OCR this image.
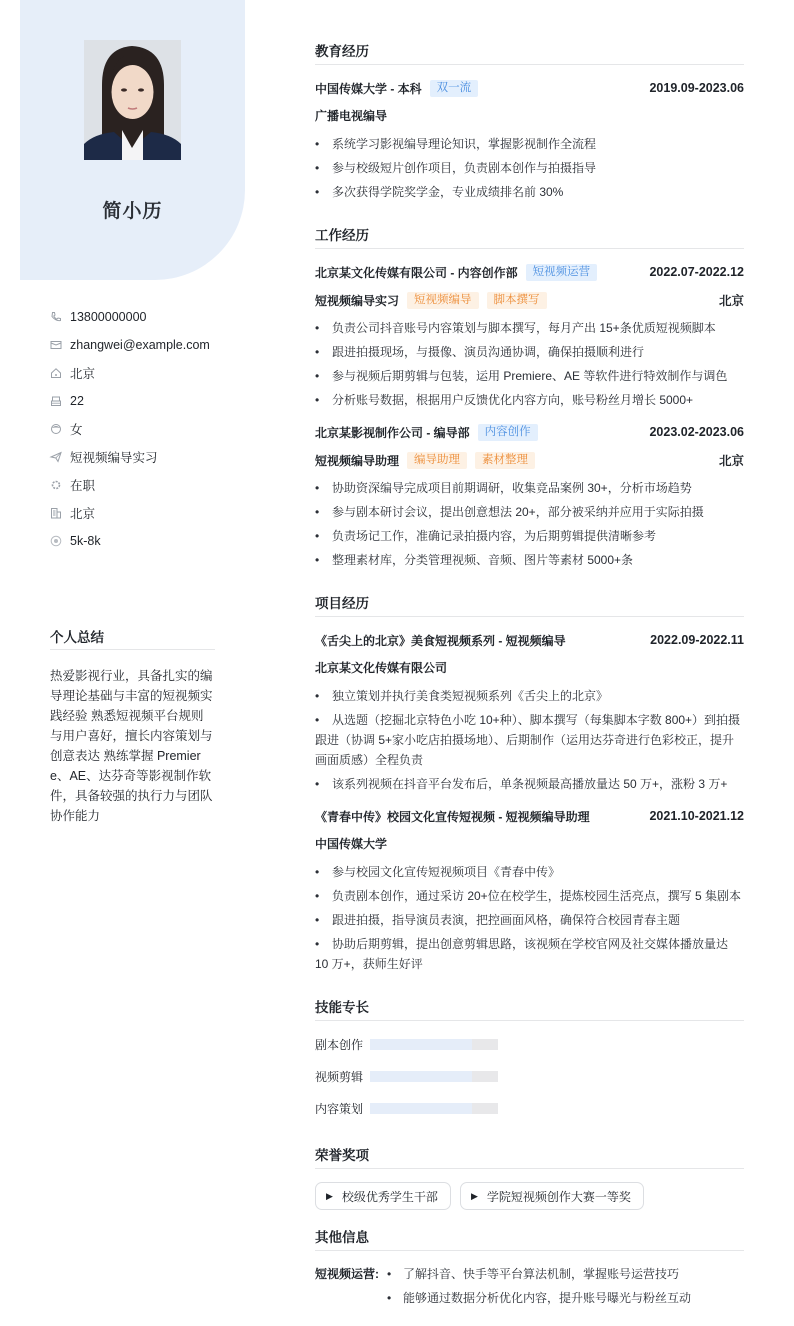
简小历
13800000000
zhangwei@example.com
北京
22
女
短视频编导实习
在职
北京
5k-8k
个人总结
热爱影视行业，具备扎实的编导理论基础与丰富的短视频实践经验 熟悉短视频平台规则与用户喜好，擅长内容策划与创意表达 熟练掌握 Premiere、AE、达芬奇等影视制作软件，具备较强的执行力与团队协作能力
教育经历
中国传媒大学 - 本科	双一流	2019.09-2023.06
广播电视编导
• 系统学习影视编导理论知识，掌握影视制作全流程
• 参与校级短片创作项目，负责剧本创作与拍摄指导
• 多次获得学院奖学金，专业成绩排名前 30%
工作经历
北京某文化传媒有限公司 - 内容创作部	短视频运营	2022.07-2022.12
短视频编导实习	短视频编导	脚本撰写	北京
• 负责公司抖音账号内容策划与脚本撰写，每月产出 15+条优质短视频脚本
• 跟进拍摄现场，与摄像、演员沟通协调，确保拍摄顺利进行
• 参与视频后期剪辑与包装，运用 Premiere、AE 等软件进行特效制作与调色
• 分析账号数据，根据用户反馈优化内容方向，账号粉丝月增长 5000+
北京某影视制作公司 - 编导部	内容创作	2023.02-2023.06
短视频编导助理	编导助理	素材整理	北京
• 协助资深编导完成项目前期调研，收集竞品案例 30+，分析市场趋势
• 参与剧本研讨会议，提出创意想法 20+，部分被采纳并应用于实际拍摄
• 负责场记工作，准确记录拍摄内容，为后期剪辑提供清晰参考
• 整理素材库，分类管理视频、音频、图片等素材 5000+条
项目经历
《舌尖上的北京》美食短视频系列 - 短视频编导	2022.09-2022.11
北京某文化传媒有限公司
• 独立策划并执行美食类短视频系列《舌尖上的北京》
• 从选题（挖掘北京特色小吃 10+种）、脚本撰写（每集脚本字数 800+）到拍摄跟进（协调 5+家小吃店拍摄场地）、后期制作（运用达芬奇进行色彩校正，提升画面质感）全程负责
• 该系列视频在抖音平台发布后，单条视频最高播放量达 50 万+，涨粉 3 万+
《青春中传》校园文化宣传短视频 - 短视频编导助理	2021.10-2021.12
中国传媒大学
• 参与校园文化宣传短视频项目《青春中传》
• 负责剧本创作，通过采访 20+位在校学生，提炼校园生活亮点，撰写 5 集剧本
• 跟进拍摄，指导演员表演，把控画面风格，确保符合校园青春主题
• 协助后期剪辑，提出创意剪辑思路，该视频在学校官网及社交媒体播放量达 10 万+，获师生好评
技能专长
剧本创作
视频剪辑
内容策划
荣誉奖项
▶ 校级优秀学生干部	▶ 学院短视频创作大赛一等奖
其他信息
短视频运营:	• 了解抖音、快手等平台算法机制，掌握账号运营技巧
• 能够通过数据分析优化内容，提升账号曝光与粉丝互动
